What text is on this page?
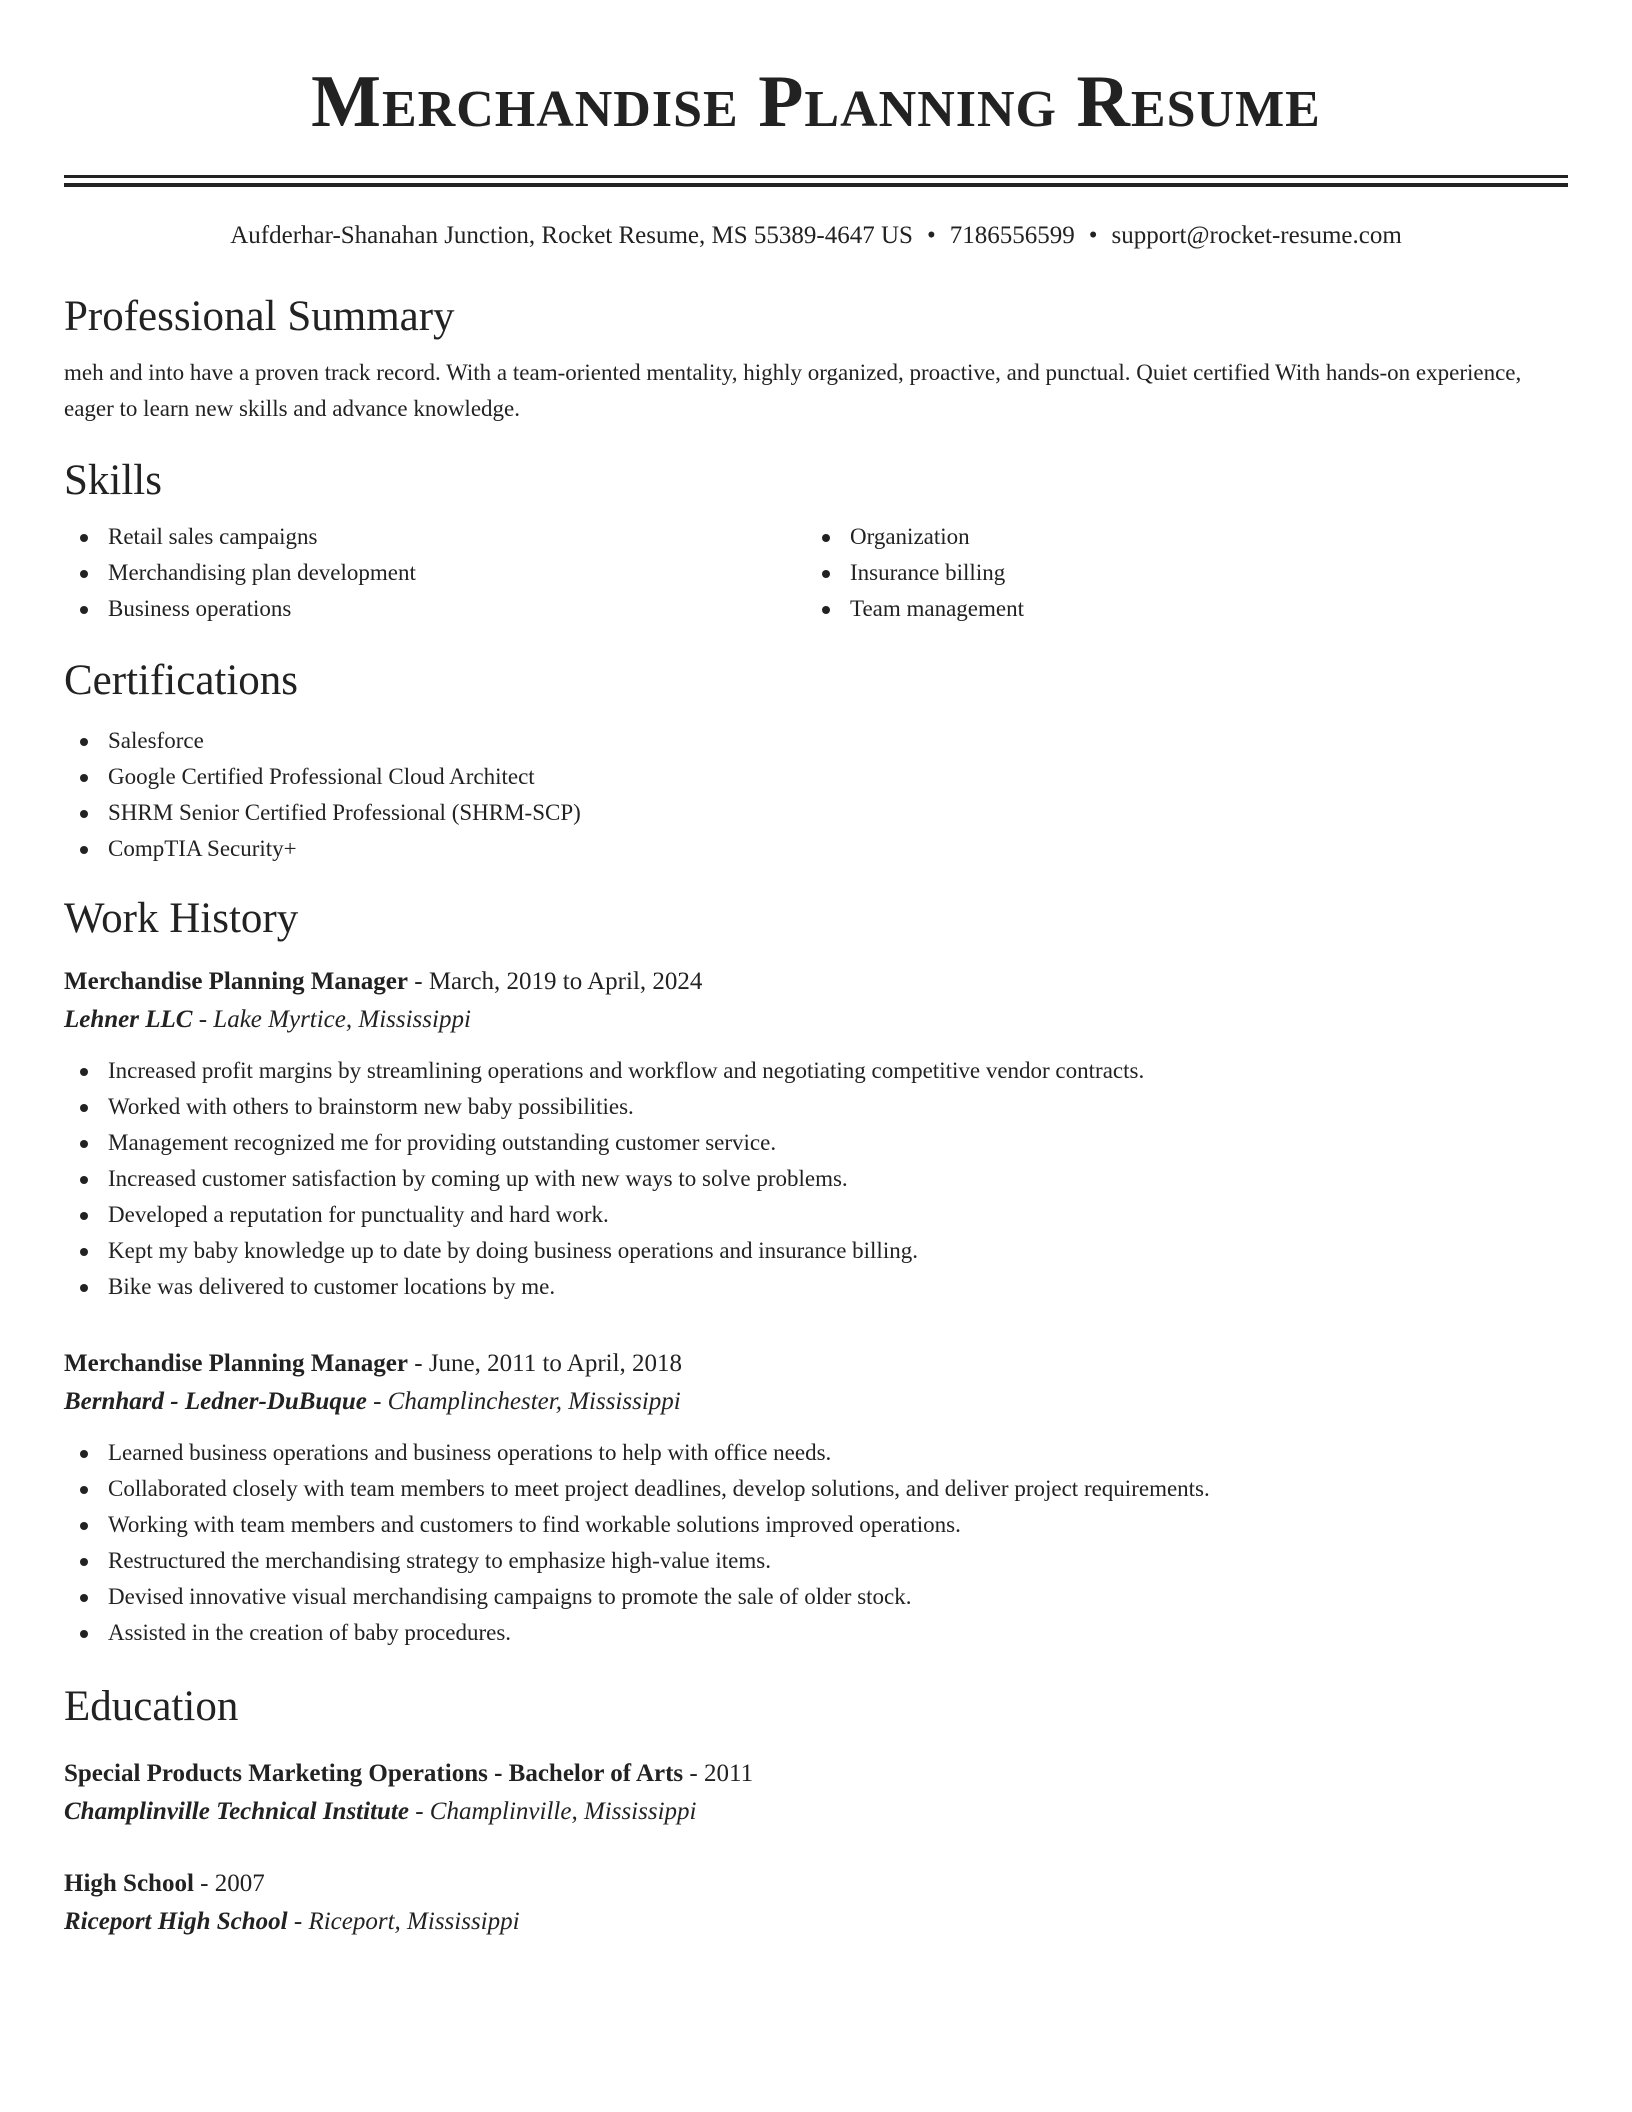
Merchandise Planning Resume
Aufderhar-Shanahan Junction, Rocket Resume, MS 55389-4647 US • 7186556599 • support@rocket-resume.com
Professional Summary

meh and into have a proven track record. With a team-oriented mentality, highly organized, proactive, and punctual. Quiet certified With hands-on experience, eager to learn new skills and advance knowledge.

Skills
Retail sales campaigns
Merchandising plan development
Business operations
Organization
Insurance billing
Team management
Certifications
Salesforce
Google Certified Professional Cloud Architect
SHRM Senior Certified Professional (SHRM-SCP)
CompTIA Security+
Work History
Merchandise Planning Manager - March, 2019 to April, 2024
Lehner LLC - Lake Myrtice, Mississippi
Increased profit margins by streamlining operations and workflow and negotiating competitive vendor contracts.
Worked with others to brainstorm new baby possibilities.
Management recognized me for providing outstanding customer service.
Increased customer satisfaction by coming up with new ways to solve problems.
Developed a reputation for punctuality and hard work.
Kept my baby knowledge up to date by doing business operations and insurance billing.
Bike was delivered to customer locations by me.
Merchandise Planning Manager - June, 2011 to April, 2018
Bernhard - Ledner-DuBuque - Champlinchester, Mississippi
Learned business operations and business operations to help with office needs.
Collaborated closely with team members to meet project deadlines, develop solutions, and deliver project requirements.
Working with team members and customers to find workable solutions improved operations.
Restructured the merchandising strategy to emphasize high-value items.
Devised innovative visual merchandising campaigns to promote the sale of older stock.
Assisted in the creation of baby procedures.
Education
Special Products Marketing Operations - Bachelor of Arts - 2011
Champlinville Technical Institute - Champlinville, Mississippi
High School - 2007
Riceport High School - Riceport, Mississippi
